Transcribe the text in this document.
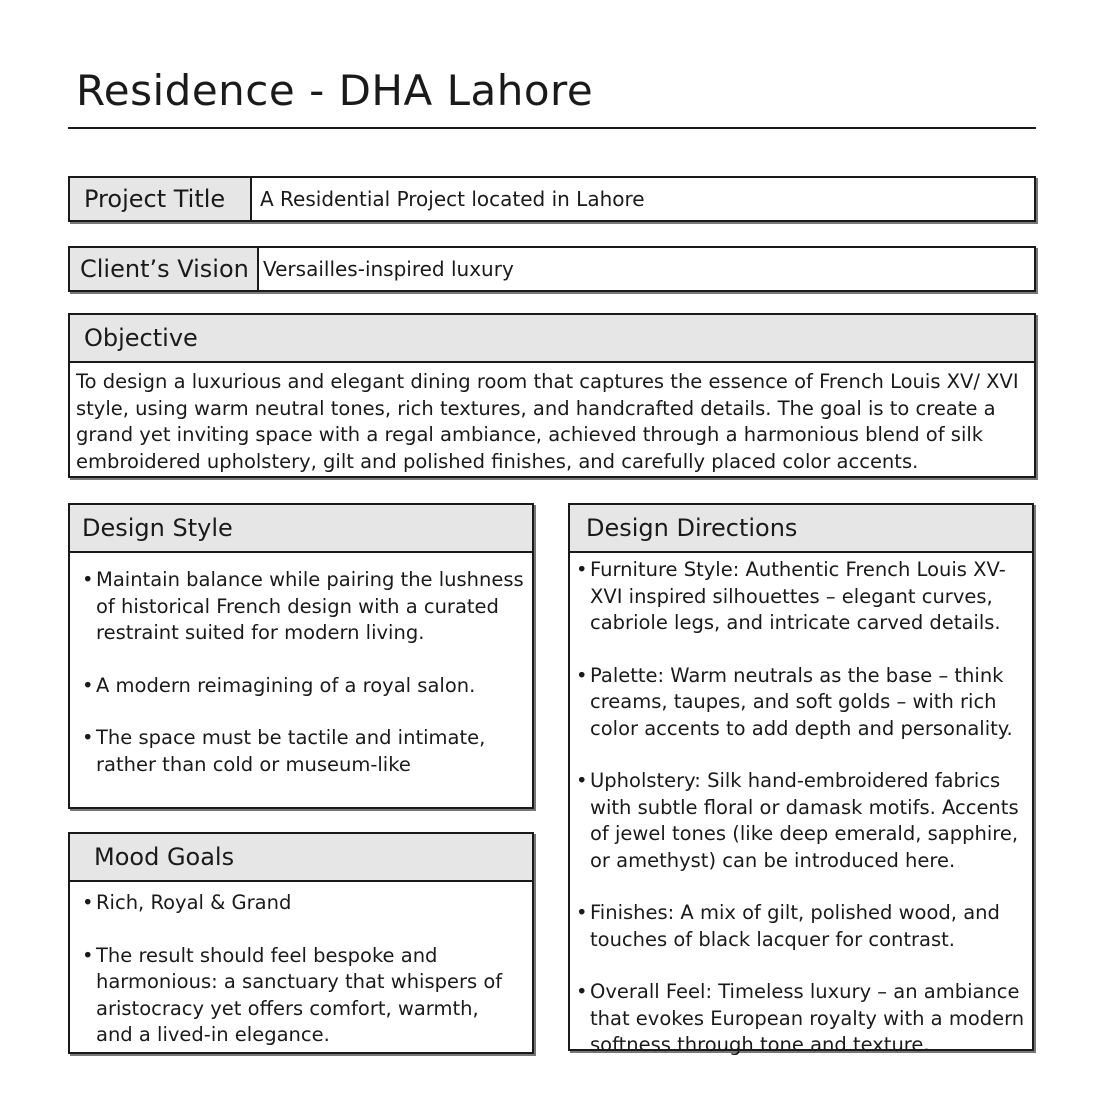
Residence - DHA Lahore
Project Title	A Residential Project located in Lahore
Client’s Vision Versailles-inspired luxury
Objective
To design a luxurious and elegant dining room that captures the essence of French Louis XV/ XVI style, using warm neutral tones, rich textures, and handcrafted details. The goal is to create a grand yet inviting space with a regal ambiance, achieved through a harmonious blend of silk embroidered upholstery, gilt and polished finishes, and carefully placed color accents.
Design Style
• Maintain balance while pairing the lushness of historical French design with a curated restraint suited for modern living.
• A modern reimagining of a royal salon.
• The space must be tactile and intimate, rather than cold or museum-like
Mood Goals
• Rich, Royal & Grand
• The result should feel bespoke and harmonious: a sanctuary that whispers of aristocracy yet offers comfort, warmth, and a lived-in elegance.
Design Directions
• Furniture Style: Authentic French Louis XV-XVI inspired silhouettes – elegant curves, cabriole legs, and intricate carved details.
• Palette: Warm neutrals as the base – think creams, taupes, and soft golds – with rich color accents to add depth and personality.
• Upholstery: Silk hand-embroidered fabrics with subtle floral or damask motifs. Accents of jewel tones (like deep emerald, sapphire, or amethyst) can be introduced here.
• Finishes: A mix of gilt, polished wood, and touches of black lacquer for contrast.
• Overall Feel: Timeless luxury – an ambiance that evokes European royalty with a modern softness through tone and texture.
